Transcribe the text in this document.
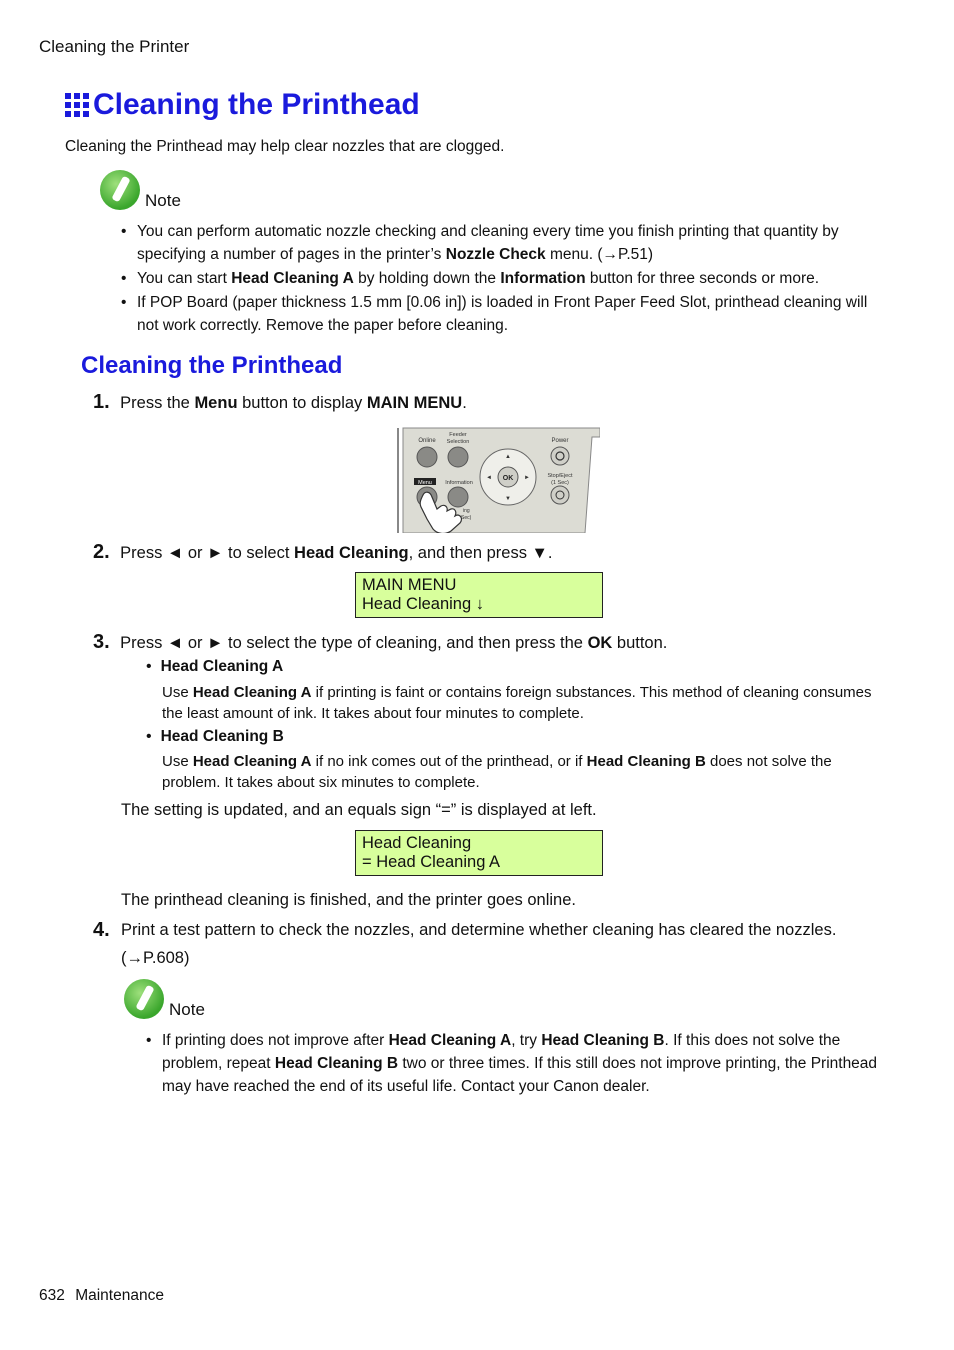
Cleaning the Printer
Cleaning the Printhead
Cleaning the Printhead may help clear nozzles that are clogged.
Note
• You can perform automatic nozzle checking and cleaning every time you finish printing that quantity by specifying a number of pages in the printer’s Nozzle Check menu. (→P.51)
• You can start Head Cleaning A by holding down the Information button for three seconds or more.
• If POP Board (paper thickness 1.5 mm [0.06 in]) is loaded in Front Paper Feed Slot, printhead cleaning will not work correctly. Remove the paper before cleaning.
Cleaning the Printhead
1. Press the Menu button to display MAIN MENU.
Online
Feeder
Selection	Power
Menu Information
OK
▲
▼
◄	►	Stop/Eject
(1 Sec)
ing
Sec)
2. Press ◄ or ► to select Head Cleaning, and then press ▼.
MAIN MENU
Head Cleaning ↓
3. Press ◄ or ► to select the type of cleaning, and then press the OK button.
• Head Cleaning A
Use Head Cleaning A if printing is faint or contains foreign substances. This method of cleaning consumes the least amount of ink. It takes about four minutes to complete.
• Head Cleaning B
Use Head Cleaning A if no ink comes out of the printhead, or if Head Cleaning B does not solve the problem. It takes about six minutes to complete.
The setting is updated, and an equals sign “=” is displayed at left.
Head Cleaning
= Head Cleaning A
The printhead cleaning is finished, and the printer goes online.
4. Print a test pattern to check the nozzles, and determine whether cleaning has cleared the nozzles. (→P.608)
Note
• If printing does not improve after Head Cleaning A, try Head Cleaning B. If this does not solve the problem, repeat Head Cleaning B two or three times. If this still does not improve printing, the Printhead may have reached the end of its useful life. Contact your Canon dealer.
632 Maintenance
